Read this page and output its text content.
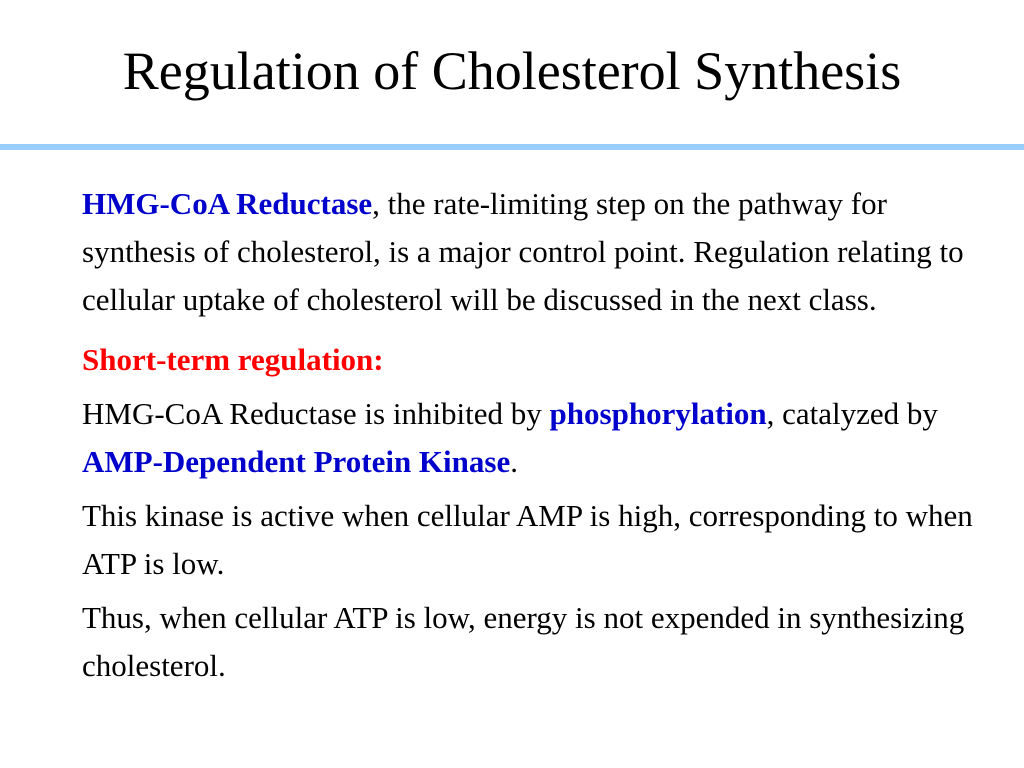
Regulation of Cholesterol Synthesis

HMG-CoA Reductase, the rate-limiting step on the pathway for synthesis of cholesterol, is a major control point. Regulation relating to cellular uptake of cholesterol will be discussed in the next class.

Short-term regulation:

HMG-CoA Reductase is inhibited by phosphorylation, catalyzed by AMP-Dependent Protein Kinase.

This kinase is active when cellular AMP is high, corresponding to when ATP is low.

Thus, when cellular ATP is low, energy is not expended in synthesizing cholesterol.
